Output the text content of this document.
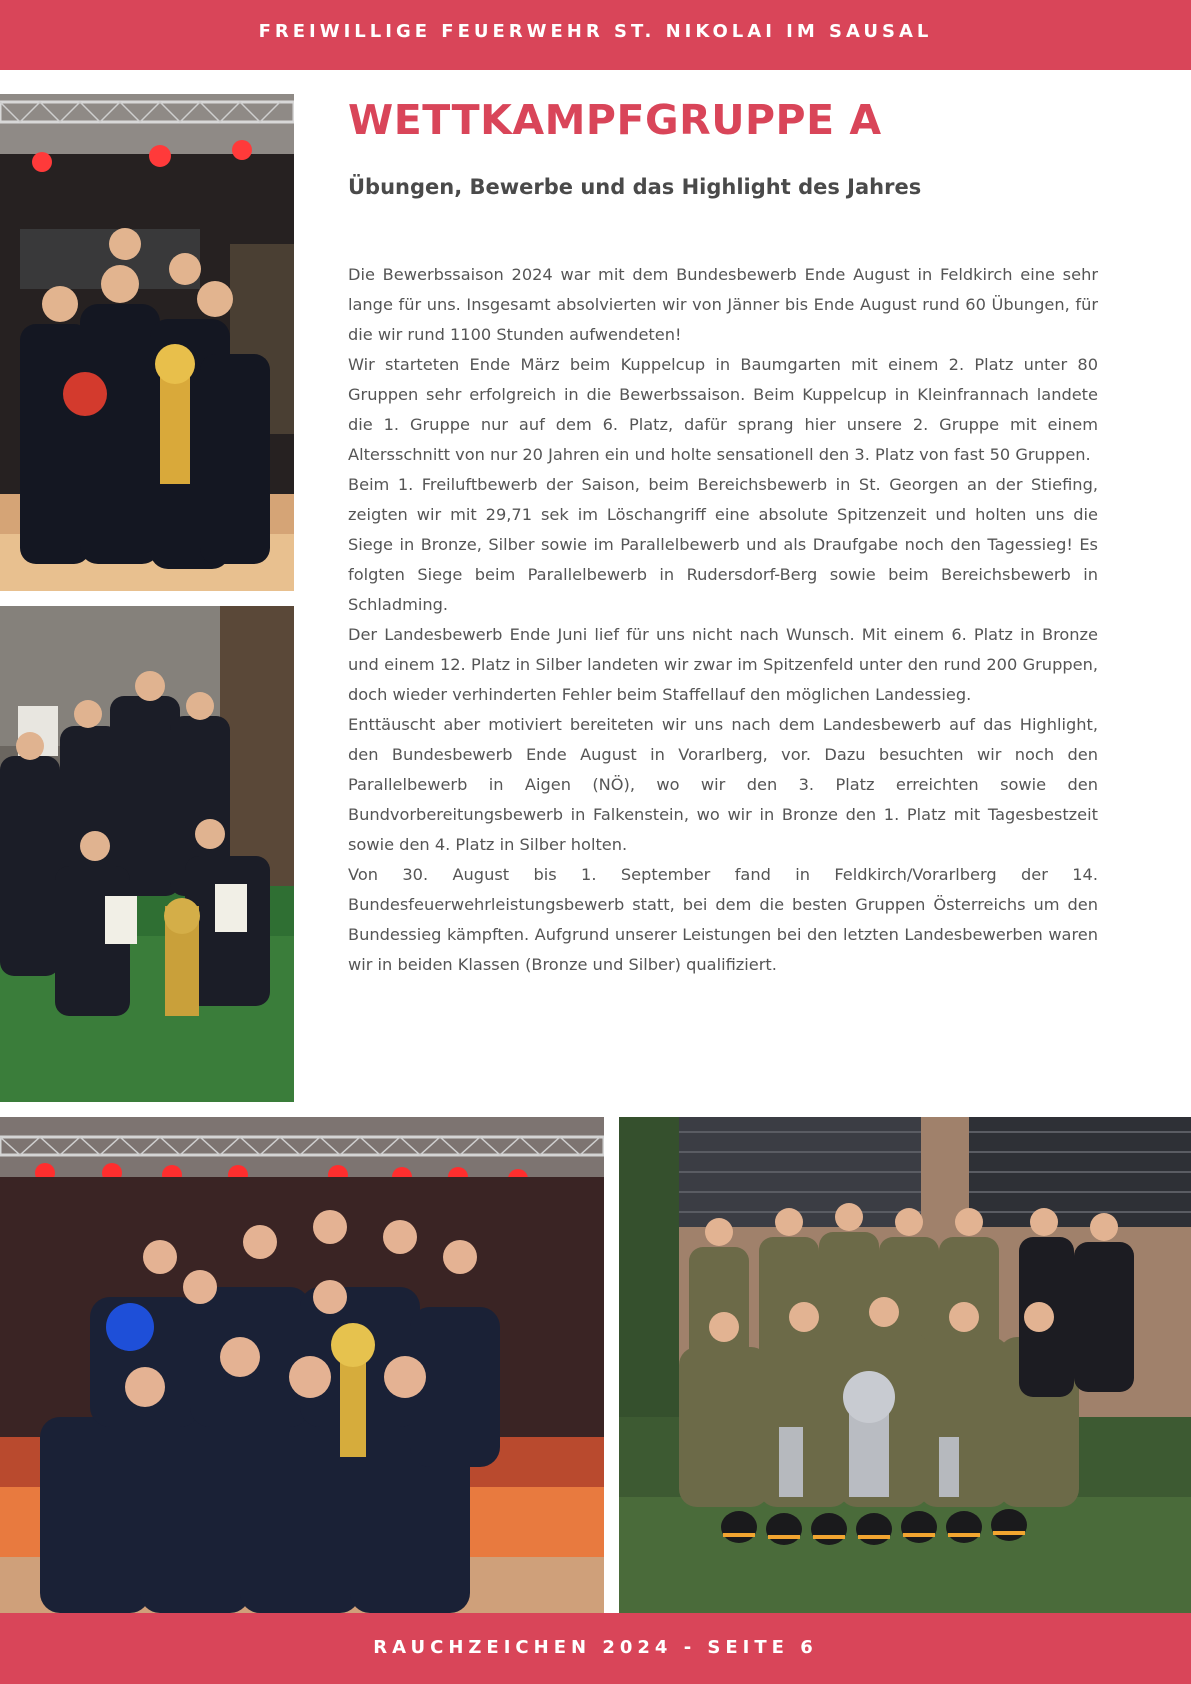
FREIWILLIGE FEUERWEHR ST. NIKOLAI IM SAUSAL
WETTKAMPFGRUPPE A
Übungen, Bewerbe und das Highlight des Jahres

Die Bewerbssaison 2024 war mit dem Bundesbewerb Ende August in Feldkirch eine sehr lange für uns. Insgesamt absolvierten wir von Jänner bis Ende August rund 60 Übungen, für die wir rund 1100 Stunden aufwendeten!

Wir starteten Ende März beim Kuppelcup in Baumgarten mit einem 2. Platz unter 80 Gruppen sehr erfolgreich in die Bewerbssaison. Beim Kuppelcup in Kleinfrannach landete die 1. Gruppe nur auf dem 6. Platz, dafür sprang hier unsere 2. Gruppe mit einem Altersschnitt von nur 20 Jahren ein und holte sensationell den 3. Platz von fast 50 Gruppen.

Beim 1. Freiluftbewerb der Saison, beim Bereichsbewerb in St. Georgen an der Stiefing, zeigten wir mit 29,71 sek im Löschangriff eine absolute Spitzenzeit und holten uns die Siege in Bronze, Silber sowie im Parallelbewerb und als Draufgabe noch den Tagessieg! Es folgten Siege beim Parallelbewerb in Rudersdorf-Berg sowie beim Bereichsbewerb in Schladming.

Der Landesbewerb Ende Juni lief für uns nicht nach Wunsch. Mit einem 6. Platz in Bronze und einem 12. Platz in Silber landeten wir zwar im Spitzenfeld unter den rund 200 Gruppen, doch wieder verhinderten Fehler beim Staffellauf den möglichen Landessieg.

Enttäuscht aber motiviert bereiteten wir uns nach dem Landesbewerb auf das Highlight, den Bundesbewerb Ende August in Vorarlberg, vor. Dazu besuchten wir noch den Parallelbewerb in Aigen (NÖ), wo wir den 3. Platz erreichten sowie den Bundvorbereitungsbewerb in Falkenstein, wo wir in Bronze den 1. Platz mit Tagesbestzeit sowie den 4. Platz in Silber holten.

Von 30. August bis 1. September fand in Feldkirch/Vorarlberg der 14. Bundesfeuerwehrleistungsbewerb statt, bei dem die besten Gruppen Österreichs um den Bundessieg kämpften. Aufgrund unserer Leistungen bei den letzten Landesbewerben waren wir in beiden Klassen (Bronze und Silber) qualifiziert.

RAUCHZEICHEN 2024 - SEITE 6
